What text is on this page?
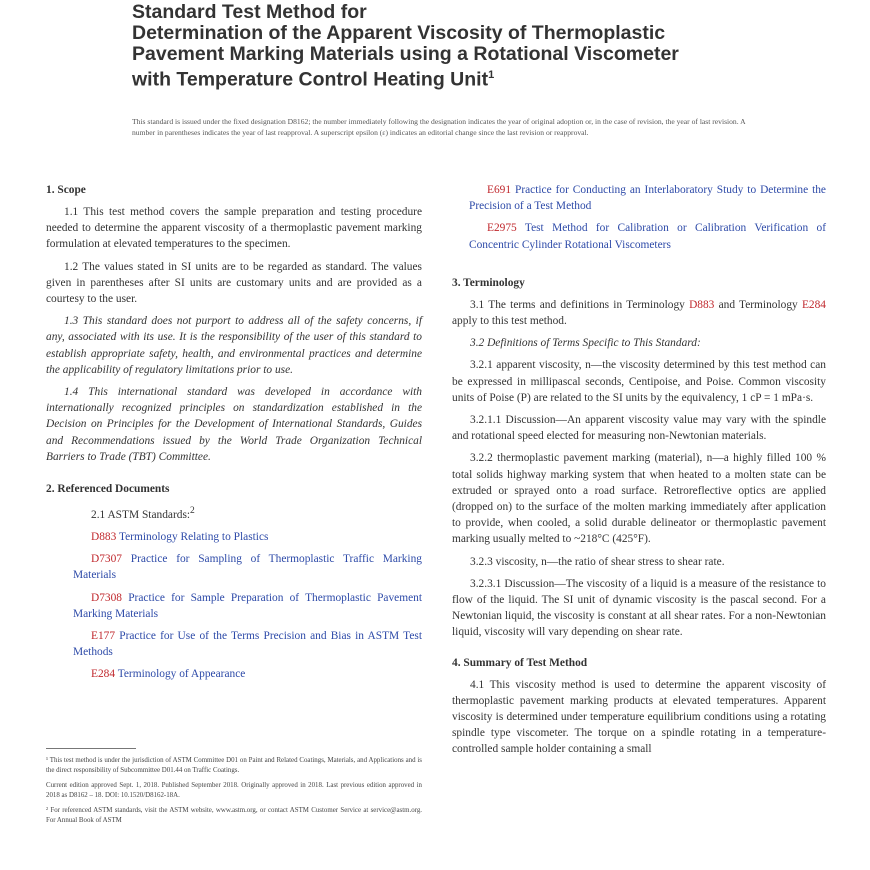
Standard Test Method for
Determination of the Apparent Viscosity of Thermoplastic
Pavement Marking Materials using a Rotational Viscometer
with Temperature Control Heating Unit$^1$
This standard is issued under the fixed designation D8162; the number immediately following the designation indicates the year of original adoption or, in the case of revision, the year of last revision. A number in parentheses indicates the year of last reapproval. A superscript epsilon (ε) indicates an editorial change since the last revision or reapproval.
1. Scope

1.1 This test method covers the sample preparation and testing procedure needed to determine the apparent viscosity of a thermoplastic pavement marking formulation at elevated temperatures to the specimen.

1.2 The values stated in SI units are to be regarded as standard. The values given in parentheses after SI units are customary units and are provided as a courtesy to the user.

1.3 This standard does not purport to address all of the safety concerns, if any, associated with its use. It is the responsibility of the user of this standard to establish appropriate safety, health, and environmental practices and determine the applicability of regulatory limitations prior to use.

1.4 This international standard was developed in accordance with internationally recognized principles on standardization established in the Decision on Principles for the Development of International Standards, Guides and Recommendations issued by the World Trade Organization Technical Barriers to Trade (TBT) Committee.

2. Referenced Documents

2.1 ASTM Standards:$^2$

D883 Terminology Relating to Plastics

D7307 Practice for Sampling of Thermoplastic Traffic Marking Materials

D7308 Practice for Sample Preparation of Thermoplastic Pavement Marking Materials

E177 Practice for Use of the Terms Precision and Bias in ASTM Test Methods

E284 Terminology of Appearance

¹ This test method is under the jurisdiction of ASTM Committee D01 on Paint and Related Coatings, Materials, and Applications and is the direct responsibility of Subcommittee D01.44 on Traffic Coatings.

Current edition approved Sept. 1, 2018. Published September 2018. Originally approved in 2018. Last previous edition approved in 2018 as D8162 – 18. DOI: 10.1520/D8162-18A.

² For referenced ASTM standards, visit the ASTM website, www.astm.org, or contact ASTM Customer Service at service@astm.org. For Annual Book of ASTM

E691 Practice for Conducting an Interlaboratory Study to Determine the Precision of a Test Method

E2975 Test Method for Calibration or Calibration Verification of Concentric Cylinder Rotational Viscometers

3. Terminology

3.1 The terms and definitions in Terminology D883 and Terminology E284 apply to this test method.

3.2 Definitions of Terms Specific to This Standard:

3.2.1 apparent viscosity, n—the viscosity determined by this test method can be expressed in millipascal seconds, Centipoise, and Poise. Common viscosity units of Poise (P) are related to the SI units by the equivalency, 1 cP = 1 mPa·s.

3.2.1.1 Discussion—An apparent viscosity value may vary with the spindle and rotational speed elected for measuring non-Newtonian materials.

3.2.2 thermoplastic pavement marking (material), n—a highly filled 100 % total solids highway marking system that when heated to a molten state can be extruded or sprayed onto a road surface. Retroreflective optics are applied (dropped on) to the surface of the molten marking immediately after application to provide, when cooled, a solid durable delineator or thermoplastic pavement marking usually melted to ~218°C (425°F).

3.2.3 viscosity, n—the ratio of shear stress to shear rate.

3.2.3.1 Discussion—The viscosity of a liquid is a measure of the resistance to flow of the liquid. The SI unit of dynamic viscosity is the pascal second. For a Newtonian liquid, the viscosity is constant at all shear rates. For a non-Newtonian liquid, viscosity will vary depending on shear rate.

4. Summary of Test Method

4.1 This viscosity method is used to determine the apparent viscosity of thermoplastic pavement marking products at elevated temperatures. Apparent viscosity is determined under temperature equilibrium conditions using a rotating spindle type viscometer. The torque on a spindle rotating in a temperature-controlled sample holder containing a small
